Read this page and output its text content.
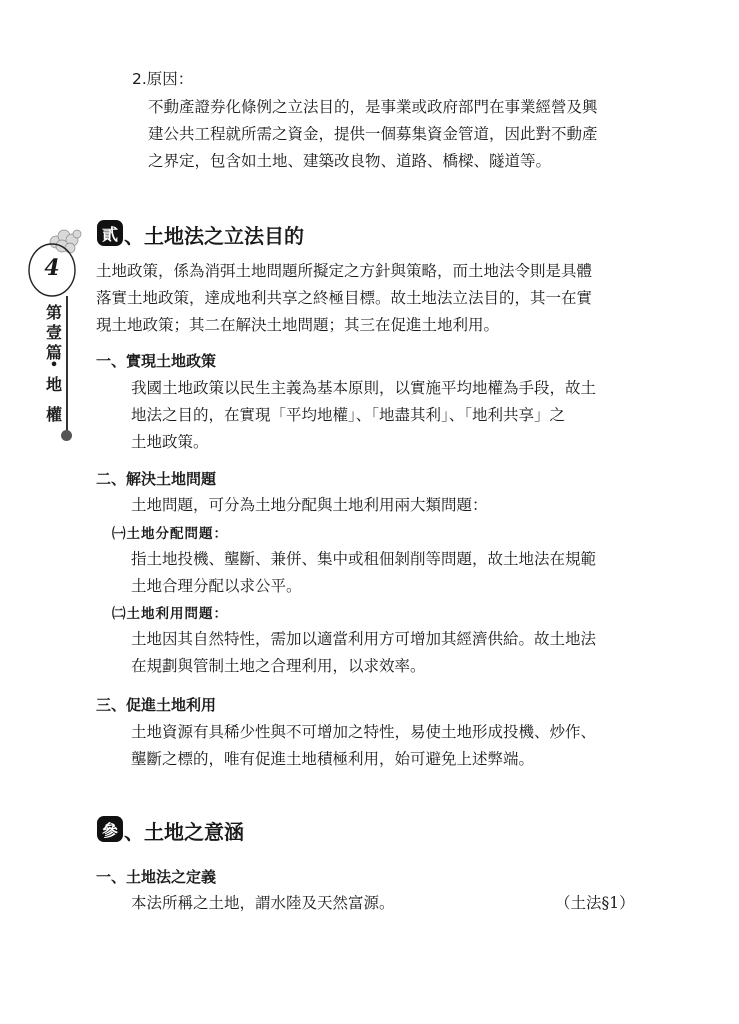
4
第
壹
篇
•
地
權
2.原因：
不動產證券化條例之立法目的，是事業或政府部門在事業經營及興
建公共工程就所需之資金，提供一個募集資金管道，因此對不動產
之界定，包含如土地、建築改良物、道路、橋樑、隧道等。
貳 、土地法之立法目的
土地政策，係為消弭土地問題所擬定之方針與策略，而土地法令則是具體
落實土地政策，達成地利共享之終極目標。故土地法立法目的，其一在實
現土地政策；其二在解決土地問題；其三在促進土地利用。
一、實現土地政策
我國土地政策以民生主義為基本原則，以實施平均地權為手段，故土
地法之目的，在實現「平均地權」、「地盡其利」、「地利共享」之
土地政策。
二、解決土地問題
土地問題，可分為土地分配與土地利用兩大類問題：
㈠土地分配問題：
指土地投機、壟斷、兼併、集中或租佃剝削等問題，故土地法在規範
土地合理分配以求公平。
㈡土地利用問題：
土地因其自然特性，需加以適當利用方可增加其經濟供給。故土地法
在規劃與管制土地之合理利用，以求效率。
三、促進土地利用
土地資源有具稀少性與不可增加之特性，易使土地形成投機、炒作、
壟斷之標的，唯有促進土地積極利用，始可避免上述弊端。
參 、土地之意涵
一、土地法之定義
本法所稱之土地，謂水陸及天然富源。	（土法§1）
